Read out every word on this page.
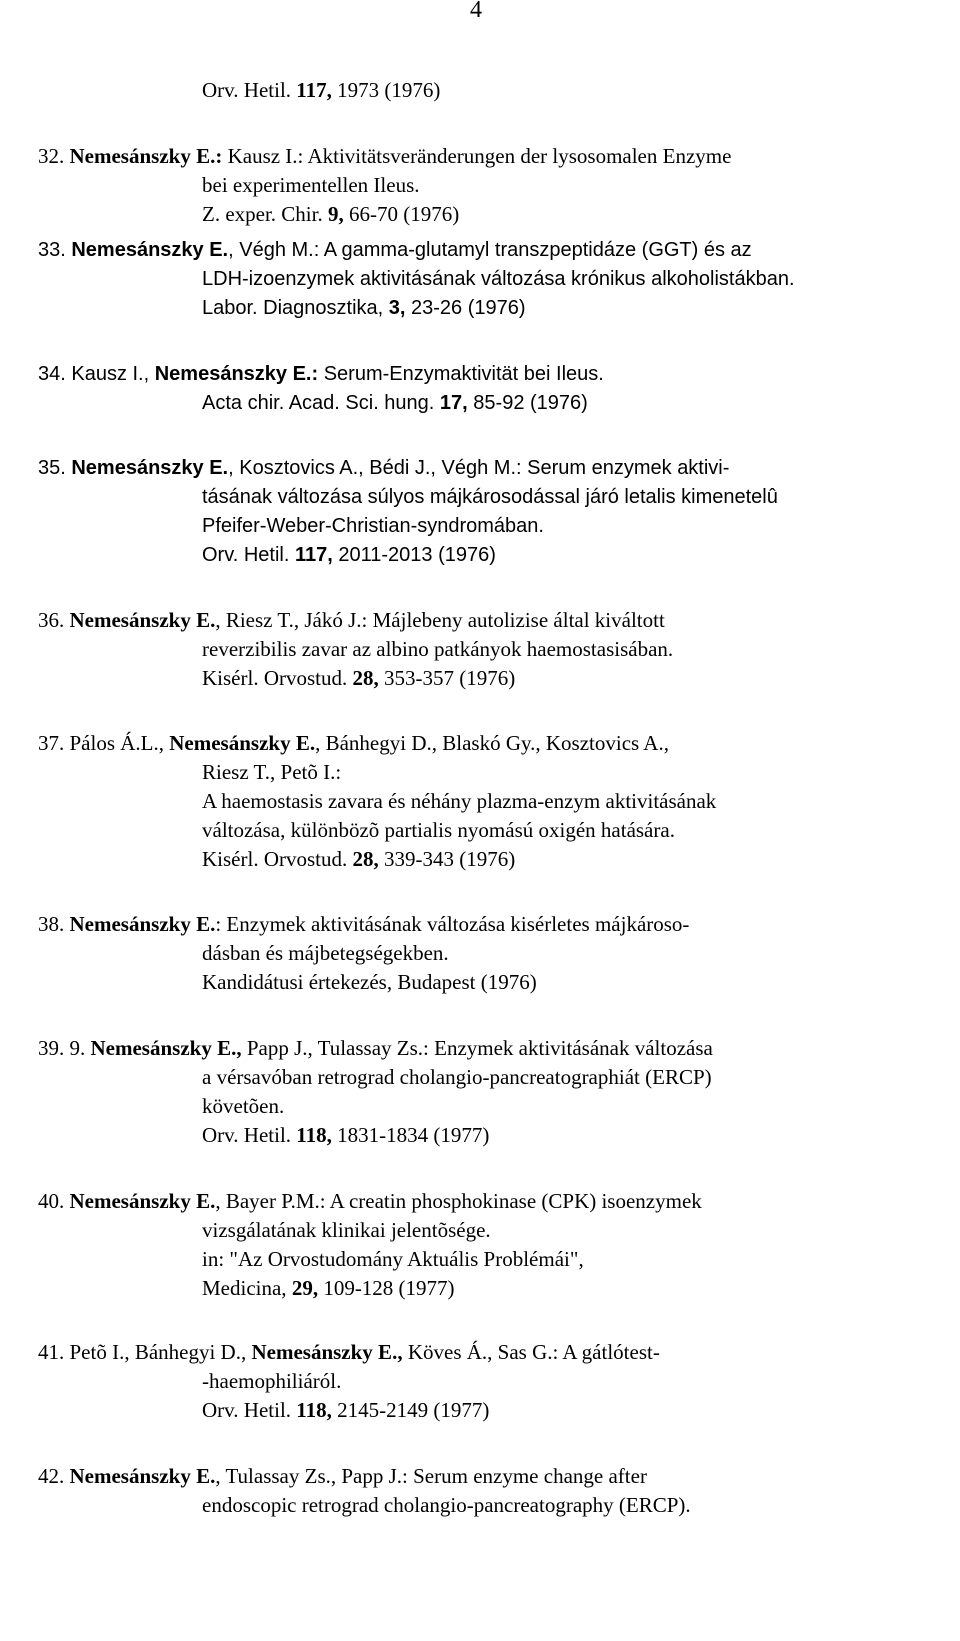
4
Orv. Hetil. 117, 1973 (1976)
32. Nemesánszky E.: Kausz I.: Aktivitätsveränderungen der lysosomalen Enzyme
bei experimentellen Ileus.
Z. exper. Chir. 9, 66-70 (1976)
33. Nemesánszky E., Végh M.: A gamma-glutamyl transzpeptidáze (GGT) és az
LDH-izoenzymek aktivitásának változása krónikus alkoholistákban.
Labor. Diagnosztika, 3, 23-26 (1976)
34. Kausz I., Nemesánszky E.: Serum-Enzymaktivität bei Ileus.
Acta chir. Acad. Sci. hung. 17, 85-92 (1976)
35. Nemesánszky E., Kosztovics A., Bédi J., Végh M.: Serum enzymek aktivi-
tásának változása súlyos májkárosodással járó letalis kimenetelû
Pfeifer-Weber-Christian-syndromában.
Orv. Hetil. 117, 2011-2013 (1976)
36. Nemesánszky E., Riesz T., Jákó J.: Májlebeny autolizise által kiváltott
reverzibilis zavar az albino patkányok haemostasisában.
Kisérl. Orvostud. 28, 353-357 (1976)
37. Pálos Á.L., Nemesánszky E., Bánhegyi D., Blaskó Gy., Kosztovics A.,
Riesz T., Petõ I.:
A haemostasis zavara és néhány plazma-enzym aktivitásának
változása, különbözõ partialis nyomású oxigén hatására.
Kisérl. Orvostud. 28, 339-343 (1976)
38. Nemesánszky E.: Enzymek aktivitásának változása kisérletes májkároso-
dásban és májbetegségekben.
Kandidátusi értekezés, Budapest (1976)
39. 9. Nemesánszky E., Papp J., Tulassay Zs.: Enzymek aktivitásának változása
a vérsavóban retrograd cholangio-pancreatographiát (ERCP)
követõen.
Orv. Hetil. 118, 1831-1834 (1977)
40. Nemesánszky E., Bayer P.M.: A creatin phosphokinase (CPK) isoenzymek
vizsgálatának klinikai jelentõsége.
in: "Az Orvostudomány Aktuális Problémái",
Medicina, 29, 109-128 (1977)
41. Petõ I., Bánhegyi D., Nemesánszky E., Köves Á., Sas G.: A gátlótest-
-haemophiliáról.
Orv. Hetil. 118, 2145-2149 (1977)
42. Nemesánszky E., Tulassay Zs., Papp J.: Serum enzyme change after
endoscopic retrograd cholangio-pancreatography (ERCP).
